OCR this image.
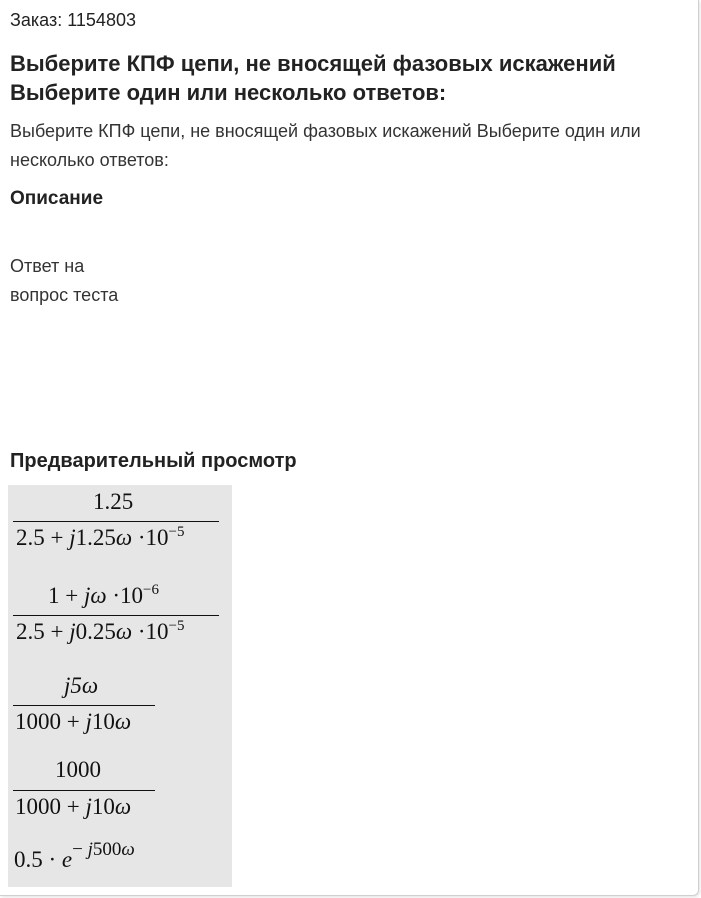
Заказ: 1154803
Выберите КПФ цепи, не вносящей фазовых искажений
Выберите один или несколько ответов:
Выберите КПФ цепи, не вносящей фазовых искажений Выберите один или несколько ответов:
Описание
Ответ на
вопрос теста
Предварительный просмотр
1.25
$2.5 + j1.25\omega \cdot 10^{-5}$
$1 + j\omega \cdot 10^{-6}$
$2.5 + j0.25\omega \cdot 10^{-5}$
j5ω
1000 + j10ω
1000
1000 + j10ω
$0.5 \cdot e^{- j500\omega}$
